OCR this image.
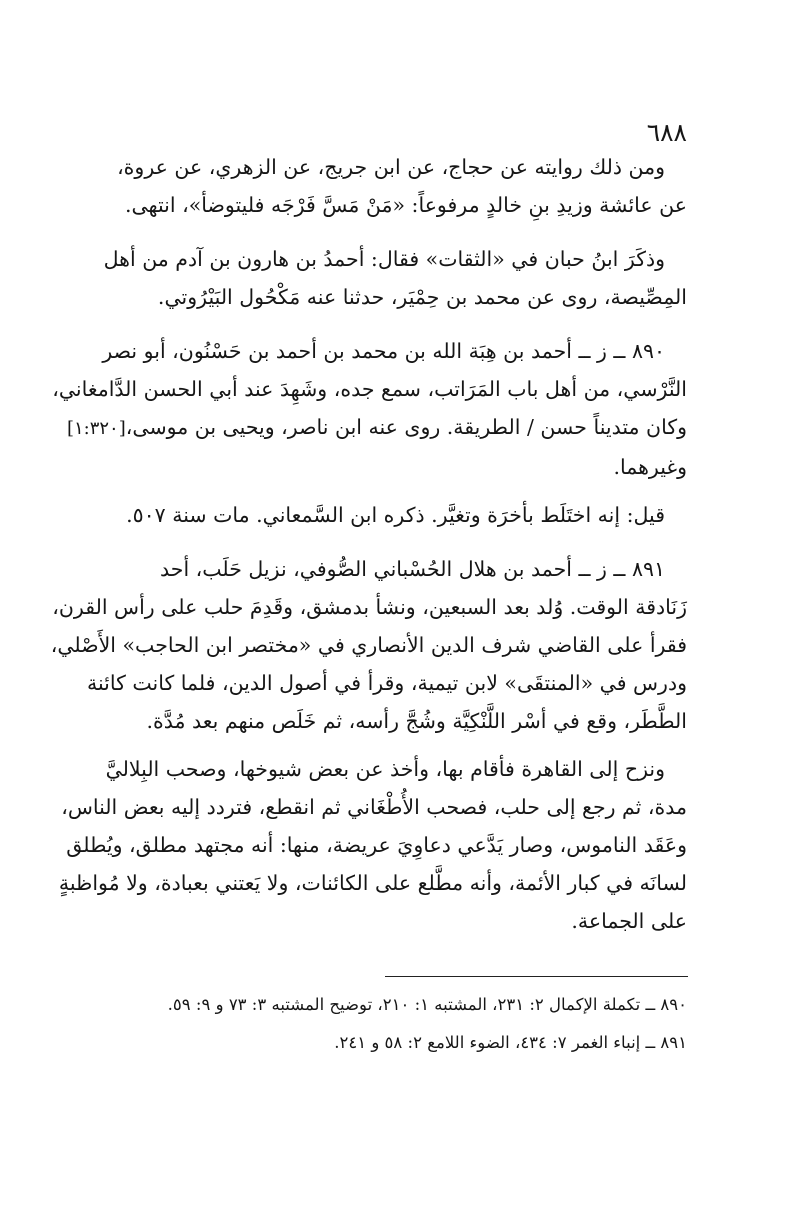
٦٨٨

ومن ذلك روايته عن حجاج، عن ابن جريج، عن الزهري، عن عروة،
عن عائشة وزيدِ بنِ خالدٍ مرفوعاً: «مَنْ مَسَّ فَرْجَه فليتوضأ»، انتهى.

وذكَرَ ابنُ حبان في «الثقات» فقال: أحمدُ بن هارون بن آدم من أهل
المِصِّيصة، روى عن محمد بن حِمْيَر، حدثنا عنه مَكْحُول البَيْرُوتي.

٨٩٠ ــ ز ــ أحمد بن هِبَة الله بن محمد بن أحمد بن حَسْنُون، أبو نصر
النَّرْسي، من أهل باب المَرَاتب، سمع جده، وشَهِدَ عند أبي الحسن الدَّامغاني،
وكان متديناً حسن / الطريقة. روى عنه ابن ناصر، ويحيى بن موسى،[١:٣٢٠]
وغيرهما.

قيل: إنه اختَلَط بأخرَة وتغيَّر. ذكره ابن السَّمعاني. مات سنة ٥٠٧.

٨٩١ ــ ز ــ أحمد بن هلال الحُسْباني الصُّوفي، نزيل حَلَب، أحد
زَنَادقة الوقت. وُلد بعد السبعين، ونشأ بدمشق، وقَدِمَ حلب على رأس القرن،
فقرأ على القاضي شرف الدين الأنصاري في «مختصر ابن الحاجب» الأَصْلي،
ودرس في «المنتقَى» لابن تيمية، وقرأ في أصول الدين، فلما كانت كائنة
الطَّطَر، وقع في أسْر اللَّنْكِيَّة وشُجَّ رأسه، ثم خَلَص منهم بعد مُدَّة.

ونزح إلى القاهرة فأقام بها، وأخذ عن بعض شيوخها، وصحب البِلاليَّ
مدة، ثم رجع إلى حلب، فصحب الأُطْغَاني ثم انقطع، فتردد إليه بعض الناس،
وعَقَد الناموس، وصار يَدَّعي دعاوِيَ عريضة، منها: أنه مجتهد مطلق، ويُطلق
لسانَه في كبار الأئمة، وأنه مطَّلع على الكائنات، ولا يَعتني بعبادة، ولا مُواظبةٍ
على الجماعة.

٨٩٠ ــ تكملة الإكمال ٢: ٢٣١، المشتبه ١: ٢١٠، توضيح المشتبه ٣: ٧٣ و ٩: ٥٩.
٨٩١ ــ إنباء الغمر ٧: ٤٣٤، الضوء اللامع ٢: ٥٨ و ٢٤١.
